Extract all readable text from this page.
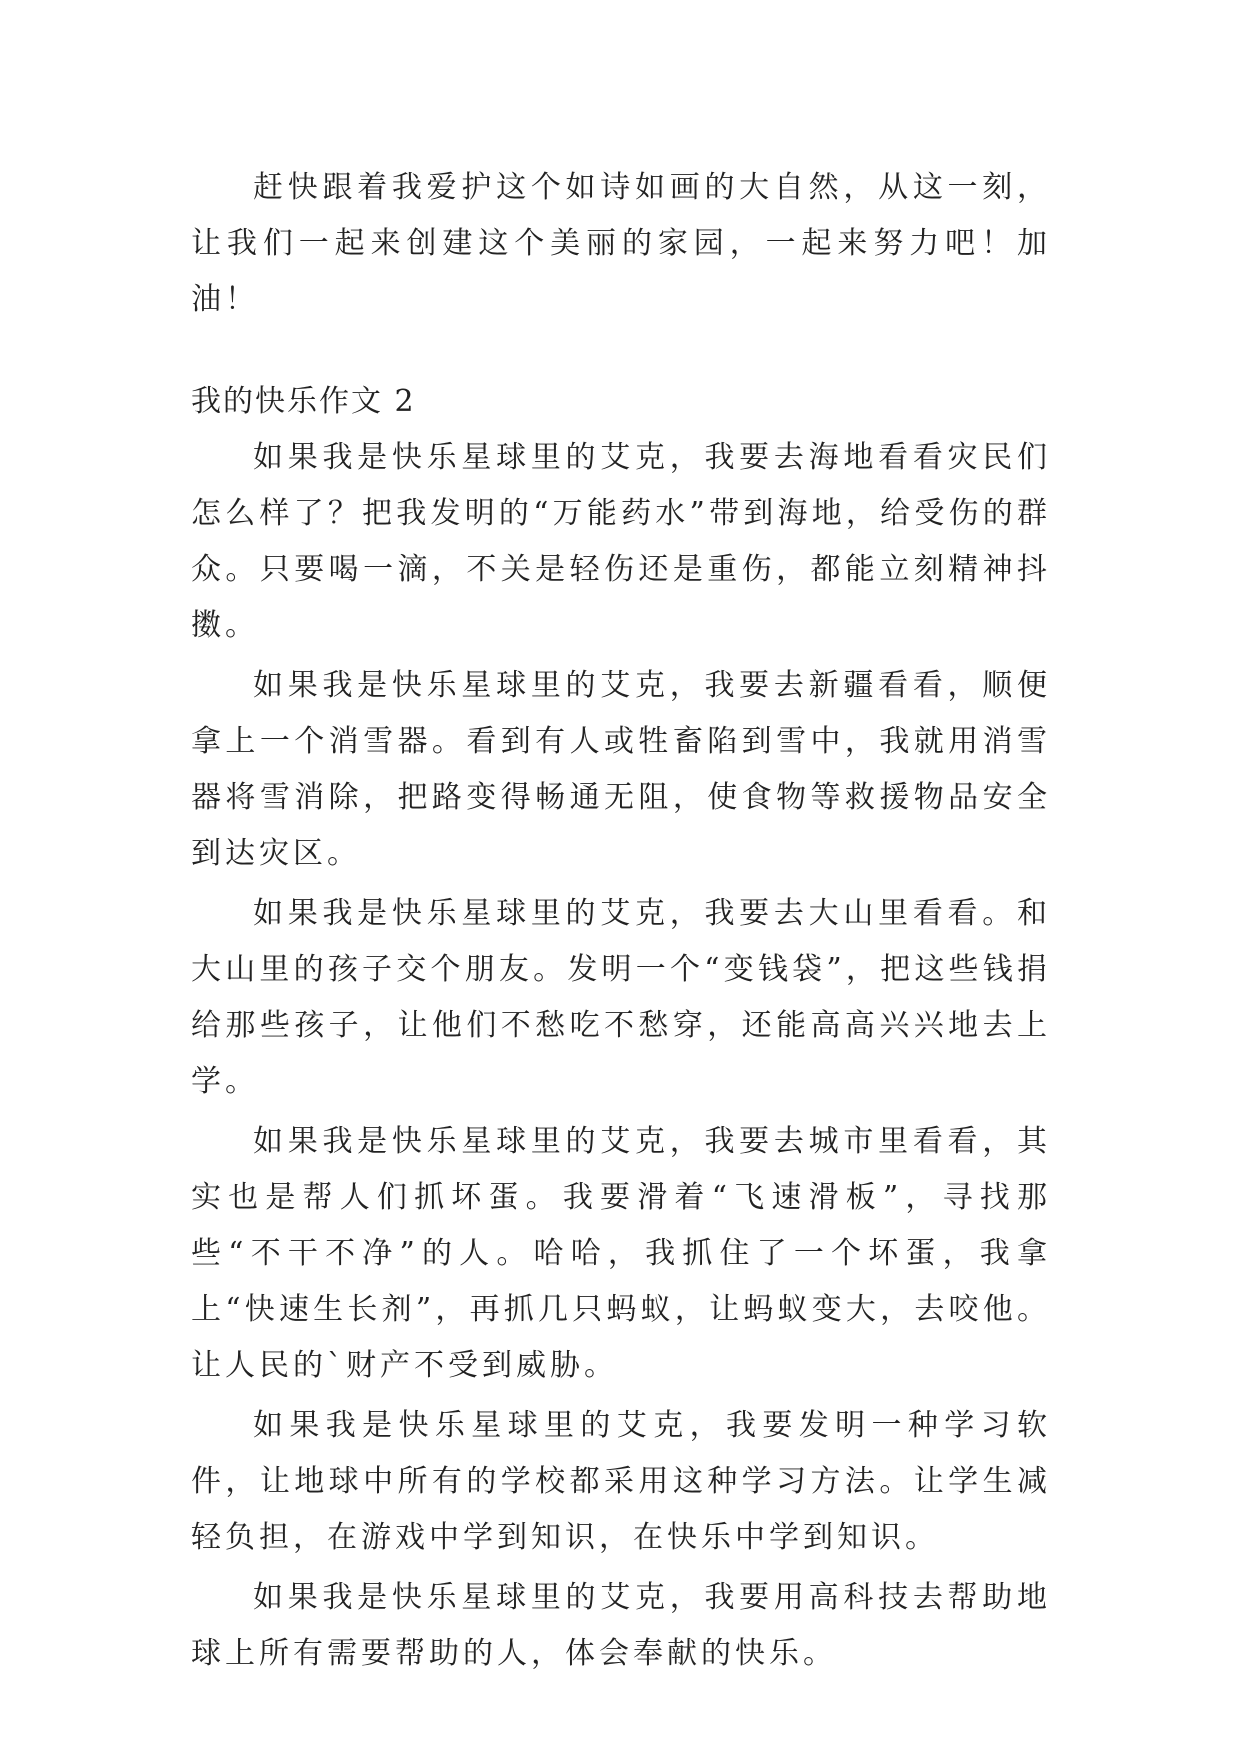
赶快跟着我爱护这个如诗如画的大自然，从这一刻，让我们一起来创建这个美丽的家园，一起来努力吧！加油！

我的快乐作文 2

如果我是快乐星球里的艾克，我要去海地看看灾民们怎么样了？把我发明的“万能药水”带到海地，给受伤的群众。只要喝一滴，不关是轻伤还是重伤，都能立刻精神抖擞。

如果我是快乐星球里的艾克，我要去新疆看看，顺便拿上一个消雪器。看到有人或牲畜陷到雪中，我就用消雪器将雪消除，把路变得畅通无阻，使食物等救援物品安全到达灾区。

如果我是快乐星球里的艾克，我要去大山里看看。和大山里的孩子交个朋友。发明一个“变钱袋”，把这些钱捐给那些孩子，让他们不愁吃不愁穿，还能高高兴兴地去上学。

如果我是快乐星球里的艾克，我要去城市里看看，其实也是帮人们抓坏蛋。我要滑着“飞速滑板”，寻找那些“不干不净”的人。哈哈，我抓住了一个坏蛋，我拿上“快速生长剂”，再抓几只蚂蚁，让蚂蚁变大，去咬他。让人民的`财产不受到威胁。

如果我是快乐星球里的艾克，我要发明一种学习软件，让地球中所有的学校都采用这种学习方法。让学生减轻负担，在游戏中学到知识，在快乐中学到知识。

如果我是快乐星球里的艾克，我要用高科技去帮助地球上所有需要帮助的人，体会奉献的快乐。
